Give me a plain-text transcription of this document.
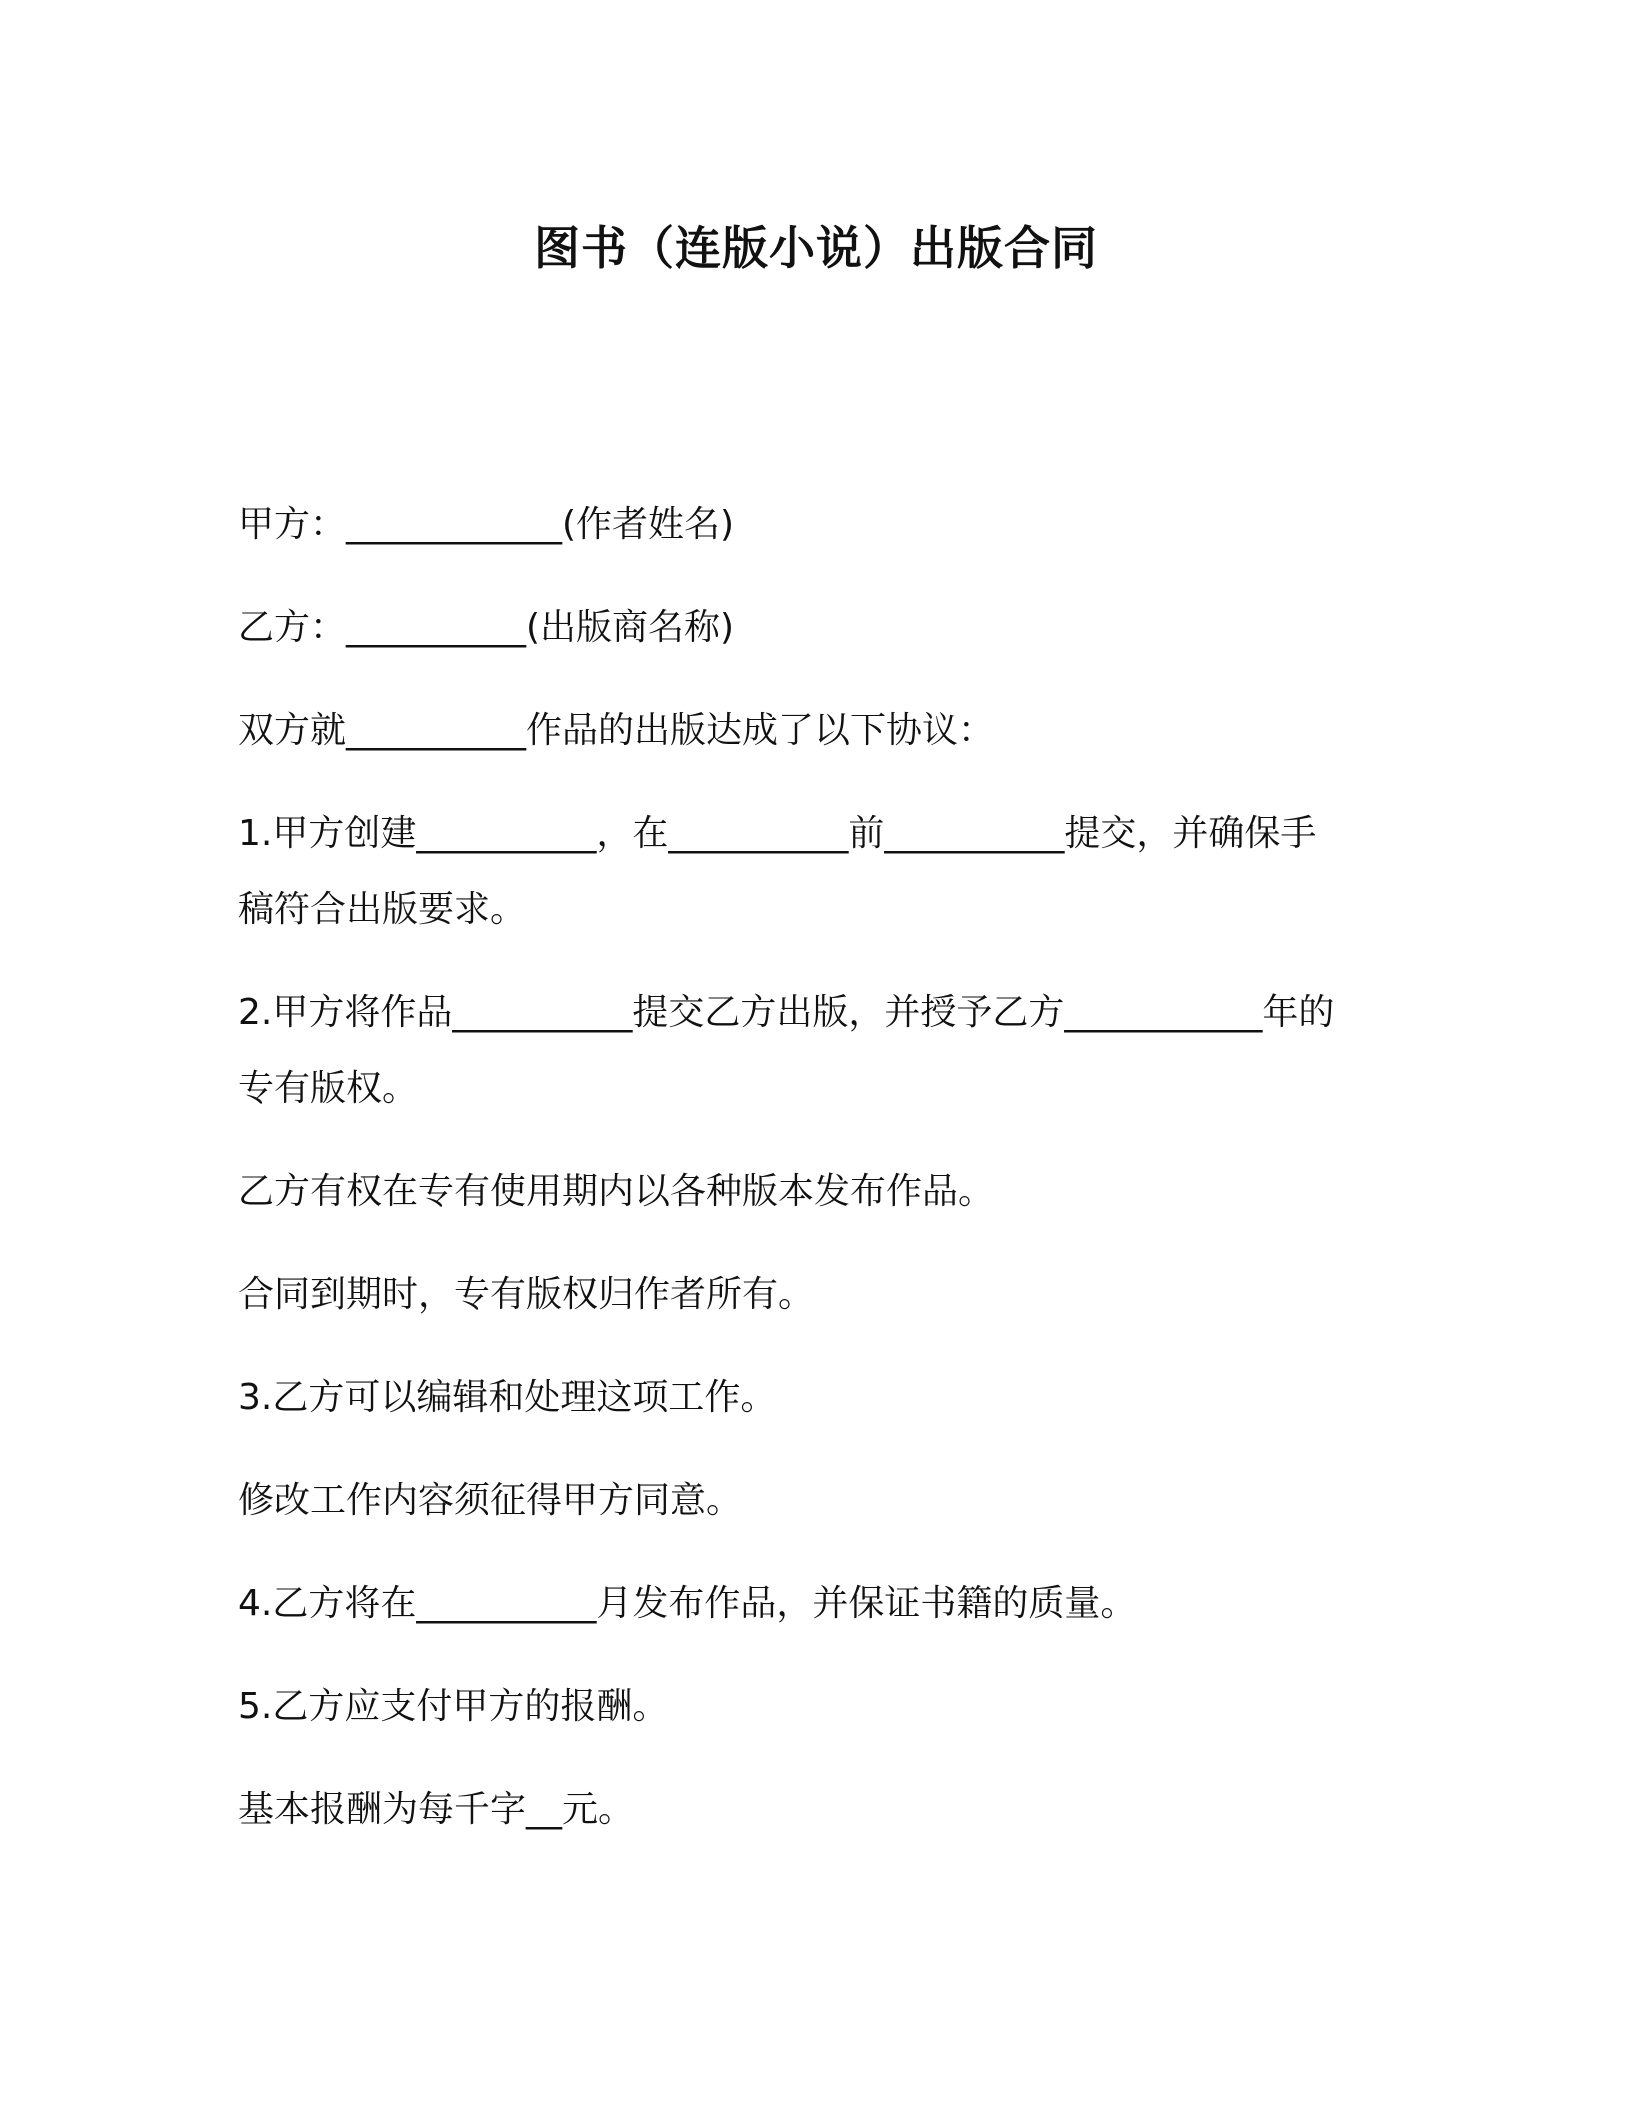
图书（连版小说）出版合同
甲方：____________(作者姓名)
乙方：__________(出版商名称)
双方就__________作品的出版达成了以下协议：
1.甲方创建__________，在__________前__________提交，并确保手
稿符合出版要求。
2.甲方将作品__________提交乙方出版，并授予乙方___________年的
专有版权。
乙方有权在专有使用期内以各种版本发布作品。
合同到期时，专有版权归作者所有。
3.乙方可以编辑和处理这项工作。
修改工作内容须征得甲方同意。
4.乙方将在__________月发布作品，并保证书籍的质量。
5.乙方应支付甲方的报酬。
基本报酬为每千字__元。
